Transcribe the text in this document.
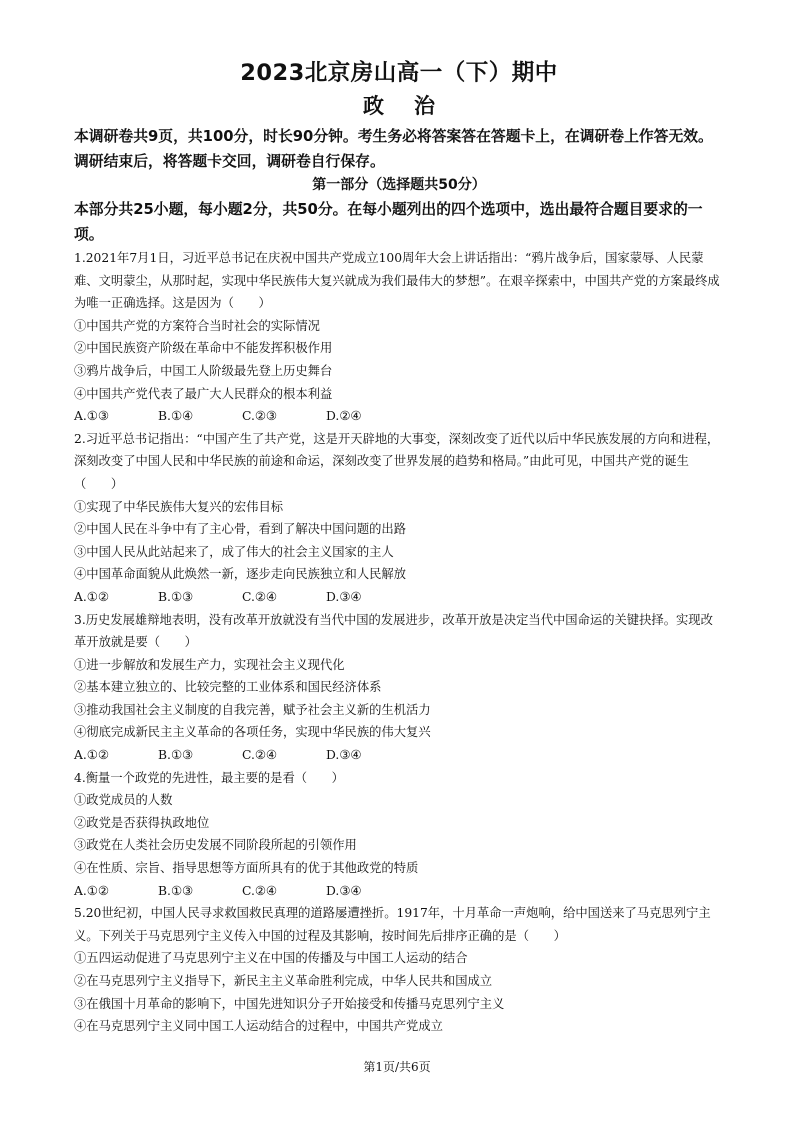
2023北京房山高一（下）期中
政治
本调研卷共9页，共100分，时长90分钟。考生务必将答案答在答题卡上，在调研卷上作答无效。调研结束后，将答题卡交回，调研卷自行保存。
第一部分（选择题共50分）
本部分共25小题，每小题2分，共50分。在每小题列出的四个选项中，选出最符合题目要求的一项。

1.2021年7月1日，习近平总书记在庆祝中国共产党成立100周年大会上讲话指出：“鸦片战争后，国家蒙辱、人民蒙难、文明蒙尘，从那时起，实现中华民族伟大复兴就成为我们最伟大的梦想”。在艰辛探索中，中国共产党的方案最终成为唯一正确选择。这是因为（　　）

①中国共产党的方案符合当时社会的实际情况

②中国民族资产阶级在革命中不能发挥积极作用

③鸦片战争后，中国工人阶级最先登上历史舞台

④中国共产党代表了最广大人民群众的根本利益

A.①③	B.①④	C.②③	D.②④

2.习近平总书记指出：“中国产生了共产党，这是开天辟地的大事变，深刻改变了近代以后中华民族发展的方向和进程，深刻改变了中国人民和中华民族的前途和命运，深刻改变了世界发展的趋势和格局。”由此可见，中国共产党的诞生（　　）

①实现了中华民族伟大复兴的宏伟目标

②中国人民在斗争中有了主心骨，看到了解决中国问题的出路

③中国人民从此站起来了，成了伟大的社会主义国家的主人

④中国革命面貌从此焕然一新，逐步走向民族独立和人民解放

A.①②	B.①③	C.②④	D.③④

3.历史发展雄辩地表明，没有改革开放就没有当代中国的发展进步，改革开放是决定当代中国命运的关键抉择。实现改革开放就是要（　　）

①进一步解放和发展生产力，实现社会主义现代化

②基本建立独立的、比较完整的工业体系和国民经济体系

③推动我国社会主义制度的自我完善，赋予社会主义新的生机活力

④彻底完成新民主主义革命的各项任务，实现中华民族的伟大复兴

A.①②	B.①③	C.②④	D.③④

4.衡量一个政党的先进性，最主要的是看（　　）

①政党成员的人数

②政党是否获得执政地位

③政党在人类社会历史发展不同阶段所起的引领作用

④在性质、宗旨、指导思想等方面所具有的优于其他政党的特质

A.①②	B.①③	C.②④	D.③④

5.20世纪初，中国人民寻求救国救民真理的道路屡遭挫折。1917年，十月革命一声炮响，给中国送来了马克思列宁主义。下列关于马克思列宁主义传入中国的过程及其影响，按时间先后排序正确的是（　　）

①五四运动促进了马克思列宁主义在中国的传播及与中国工人运动的结合

②在马克思列宁主义指导下，新民主主义革命胜利完成，中华人民共和国成立

③在俄国十月革命的影响下，中国先进知识分子开始接受和传播马克思列宁主义

④在马克思列宁主义同中国工人运动结合的过程中，中国共产党成立

第1页/共6页
